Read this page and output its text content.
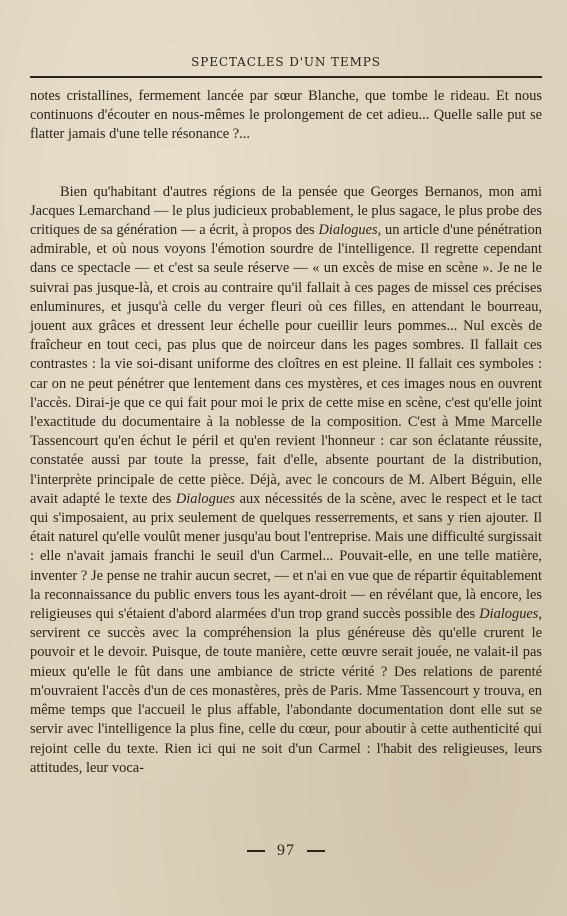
SPECTACLES D'UN TEMPS

notes cristallines, fermement lancée par sœur Blanche, que tombe le rideau. Et nous continuons d'écouter en nous-mêmes le prolongement de cet adieu... Quelle salle put se flatter jamais d'une telle résonance ?...

Bien qu'habitant d'autres régions de la pensée que Georges Bernanos, mon ami Jacques Lemarchand — le plus judicieux probablement, le plus sagace, le plus probe des critiques de sa génération — a écrit, à propos des Dialogues, un article d'une pénétration admirable, et où nous voyons l'émotion sourdre de l'intelligence. Il regrette cependant dans ce spectacle — et c'est sa seule réserve — « un excès de mise en scène ». Je ne le suivrai pas jusque-là, et crois au contraire qu'il fallait à ces pages de missel ces précises enluminures, et jusqu'à celle du verger fleuri où ces filles, en attendant le bourreau, jouent aux grâces et dressent leur échelle pour cueillir leurs pommes... Nul excès de fraîcheur en tout ceci, pas plus que de noirceur dans les pages sombres. Il fallait ces contrastes : la vie soi-disant uniforme des cloîtres en est pleine. Il fallait ces symboles : car on ne peut pénétrer que lentement dans ces mystères, et ces images nous en ouvrent l'accès. Dirai-je que ce qui fait pour moi le prix de cette mise en scène, c'est qu'elle joint l'exactitude du documentaire à la noblesse de la composition. C'est à Mme Marcelle Tassencourt qu'en échut le péril et qu'en revient l'honneur : car son éclatante réussite, constatée aussi par toute la presse, fait d'elle, absente pourtant de la distribution, l'interprète principale de cette pièce. Déjà, avec le concours de M. Albert Béguin, elle avait adapté le texte des Dialogues aux nécessités de la scène, avec le respect et le tact qui s'imposaient, au prix seulement de quelques resserrements, et sans y rien ajouter. Il était naturel qu'elle voulût mener jusqu'au bout l'entreprise. Mais une difficulté surgissait : elle n'avait jamais franchi le seuil d'un Carmel... Pouvait-elle, en une telle matière, inventer ? Je pense ne trahir aucun secret, — et n'ai en vue que de répartir équitablement la reconnaissance du public envers tous les ayant-droit — en révélant que, là encore, les religieuses qui s'étaient d'abord alarmées d'un trop grand succès possible des Dialogues, servirent ce succès avec la compréhension la plus généreuse dès qu'elle crurent le pouvoir et le devoir. Puisque, de toute manière, cette œuvre serait jouée, ne valait-il pas mieux qu'elle le fût dans une ambiance de stricte vérité ? Des relations de parenté m'ouvraient l'accès d'un de ces monastères, près de Paris. Mme Tassencourt y trouva, en même temps que l'accueil le plus affable, l'abondante documentation dont elle sut se servir avec l'intelligence la plus fine, celle du cœur, pour aboutir à cette authenticité qui rejoint celle du texte. Rien ici qui ne soit d'un Carmel : l'habit des religieuses, leurs attitudes, leur voca-

97
